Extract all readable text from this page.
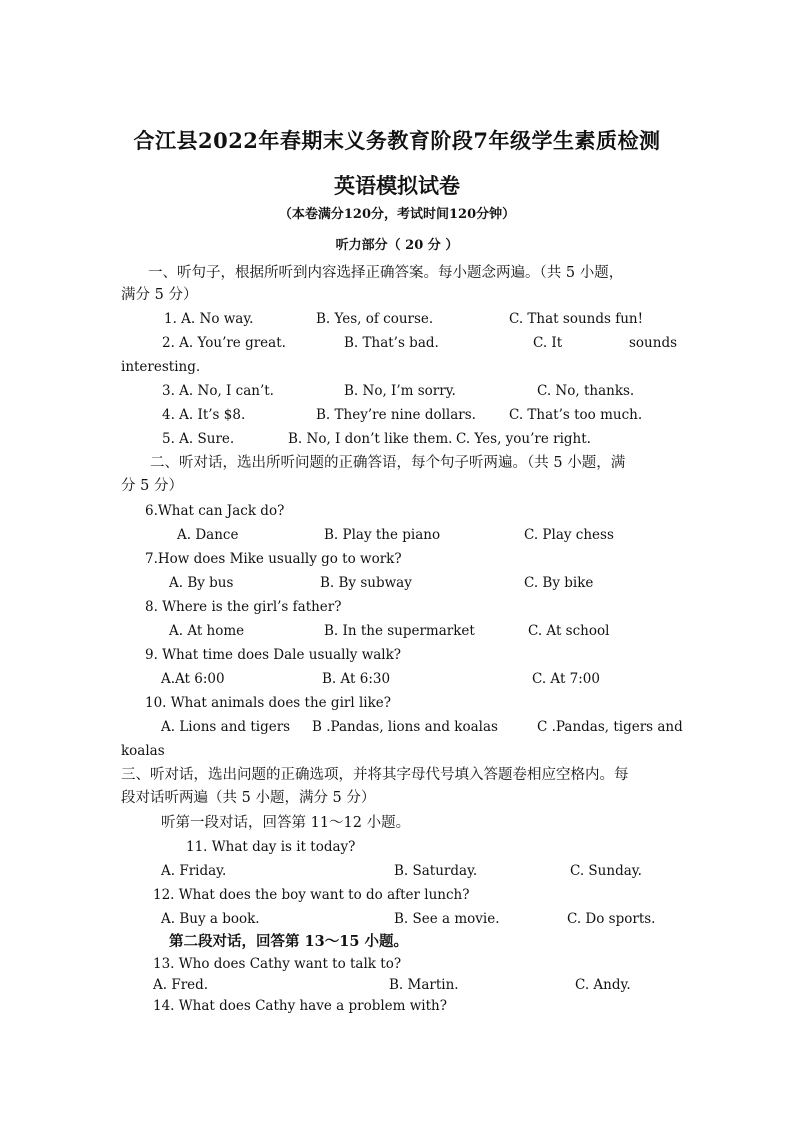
合江县2022年春期末义务教育阶段7年级学生素质检测
英语模拟试卷
（本卷满分120分，考试时间120分钟）
听力部分（ 20 分 ）
一、听句子，根据所听到内容选择正确答案。每小题念两遍。（共 5 小题，
满分 5 分）
1. A. No way.	B. Yes, of course.	C. That sounds fun!
2. A. You’re great.	B. That’s bad.	C. It	sounds
interesting.
3. A. No, I can’t.	B. No, I’m sorry.	C. No, thanks.
4. A. It’s $8.	B. They’re nine dollars. C. That’s too much.
5. A. Sure.	B. No, I don’t like them. C. Yes, you’re right.
二、听对话，选出所听问题的正确答语，每个句子听两遍。（共 5 小题，满
分 5 分）
6.What can Jack do?
A. Dance	B. Play the piano	C. Play chess
7.How does Mike usually go to work?
A. By bus	B. By subway	C. By bike
8. Where is the girl’s father?
A. At home	B. In the supermarket	C. At school
9. What time does Dale usually walk?
A.At 6:00	B. At 6:30	C. At 7:00
10. What animals does the girl like?
A. Lions and tigers B .Pandas, lions and koalas	C .Pandas, tigers and
koalas
三、听对话，选出问题的正确选项，并将其字母代号填入答题卷相应空格内。每
段对话听两遍（共 5 小题，满分 5 分）
听第一段对话，回答第 11～12 小题。
11. What day is it today?
A. Friday.	B. Saturday.	C. Sunday.
12. What does the boy want to do after lunch?
A. Buy a book.	B. See a movie.	C. Do sports.
第二段对话，回答第 13～15 小题。
13. Who does Cathy want to talk to?
A. Fred.	B. Martin.	C. Andy.
14. What does Cathy have a problem with?
